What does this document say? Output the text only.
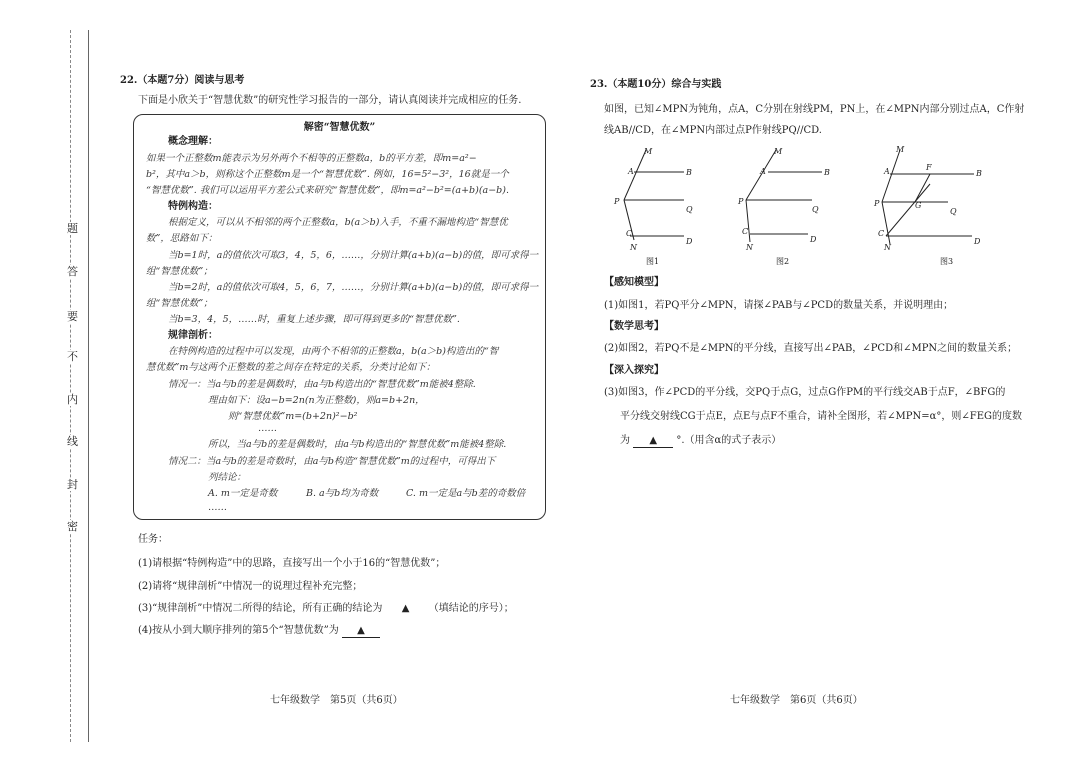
题
答
要
不
内
线
封
密
22.（本题7分）阅读与思考
下面是小欣关于“智慧优数”的研究性学习报告的一部分，请认真阅读并完成相应的任务.
解密“智慧优数”
概念理解：
如果一个正整数m能表示为另外两个不相等的正整数a，b的平方差，即m=a²−
b²，其中a＞b，则称这个正整数m是一个“智慧优数”. 例如，16=5²−3²，16就是一个
“智慧优数”. 我们可以运用平方差公式来研究“智慧优数”，即m=a²−b²=(a+b)(a−b).
特例构造：
根据定义，可以从不相邻的两个正整数a，b(a＞b)入手，不重不漏地构造“智慧优
数”，思路如下：
当b=1时，a的值依次可取3，4，5，6，……，分别计算(a+b)(a−b)的值，即可求得一
组“智慧优数”；
当b=2时，a的值依次可取4，5，6，7，……，分别计算(a+b)(a−b)的值，即可求得一
组“智慧优数”；
当b=3，4，5，……时，重复上述步骤，即可得到更多的“智慧优数”.
规律剖析：
在特例构造的过程中可以发现，由两个不相邻的正整数a，b(a＞b)构造出的“智
慧优数”m与这两个正整数的差之间存在特定的关系，分类讨论如下：
情况一：当a与b的差是偶数时，由a与b构造出的“智慧优数”m能被4整除.
理由如下：设a−b=2n(n为正整数)，则a=b+2n，
则“智慧优数”m=(b+2n)²−b²
……
所以，当a与b的差是偶数时，由a与b构造出的“智慧优数”m能被4整除.
情况二：当a与b的差是奇数时，由a与b构造“智慧优数”m的过程中，可得出下
列结论：
A. m一定是奇数	B. a与b均为奇数	C. m一定是a与b差的奇数倍
……
任务：
(1)请根据“特例构造”中的思路，直接写出一个小于16的“智慧优数”；
(2)请将“规律剖析”中情况一的说理过程补充完整；
(3)“规律剖析”中情况二所得的结论，所有正确的结论为 ▲ （填结论的序号）；
(4)按从小到大顺序排列的第5个“智慧优数”为 ▲
七年级数学　第5页（共6页）
23.（本题10分）综合与实践
如图，已知∠MPN为钝角，点A，C分别在射线PM，PN上，在∠MPN内部分别过点A，C作射
线AB//CD，在∠MPN内部过点P作射线PQ//CD.
M
A	B
P
Q
C
D
N
M
A	B
P
Q
C
D
N
M
A	F
B
P	G
Q
C
D
N
图1	图2	图3
【感知模型】
(1)如图1，若PQ平分∠MPN，请探∠PAB与∠PCD的数量关系，并说明理由；
【数学思考】
(2)如图2，若PQ不是∠MPN的平分线，直接写出∠PAB，∠PCD和∠MPN之间的数量关系；
【深入探究】
(3)如图3，作∠PCD的平分线，交PQ于点G，过点G作PM的平行线交AB于点F，∠BFG的
平分线交射线CG于点E，点E与点F不重合，请补全图形，若∠MPN=α°，则∠FEG的度数
为 ▲ °.（用含α的式子表示）
七年级数学　第6页（共6页）
